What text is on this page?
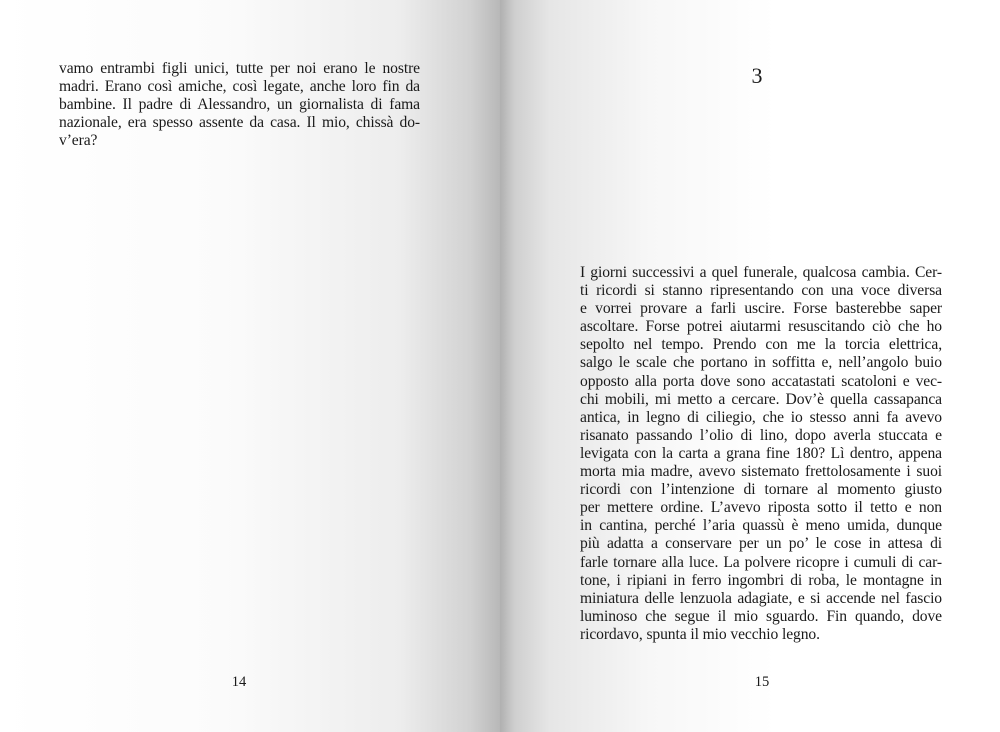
vamo entrambi figli unici, tutte per noi erano le nostre
madri. Erano così amiche, così legate, anche loro fin da
bambine. Il padre di Alessandro, un giornalista di fama
nazionale, era spesso assente da casa. Il mio, chissà do-
v’era?
14
3
I giorni successivi a quel funerale, qualcosa cambia. Cer-
ti ricordi si stanno ripresentando con una voce diversa
e vorrei provare a farli uscire. Forse basterebbe saper
ascoltare. Forse potrei aiutarmi resuscitando ciò che ho
sepolto nel tempo. Prendo con me la torcia elettrica,
salgo le scale che portano in soffitta e, nell’angolo buio
opposto alla porta dove sono accatastati scatoloni e vec-
chi mobili, mi metto a cercare. Dov’è quella cassapanca
antica, in legno di ciliegio, che io stesso anni fa avevo
risanato passando l’olio di lino, dopo averla stuccata e
levigata con la carta a grana fine 180? Lì dentro, appena
morta mia madre, avevo sistemato frettolosamente i suoi
ricordi con l’intenzione di tornare al momento giusto
per mettere ordine. L’avevo riposta sotto il tetto e non
in cantina, perché l’aria quassù è meno umida, dunque
più adatta a conservare per un po’ le cose in attesa di
farle tornare alla luce. La polvere ricopre i cumuli di car-
tone, i ripiani in ferro ingombri di roba, le montagne in
miniatura delle lenzuola adagiate, e si accende nel fascio
luminoso che segue il mio sguardo. Fin quando, dove
ricordavo, spunta il mio vecchio legno.
15
